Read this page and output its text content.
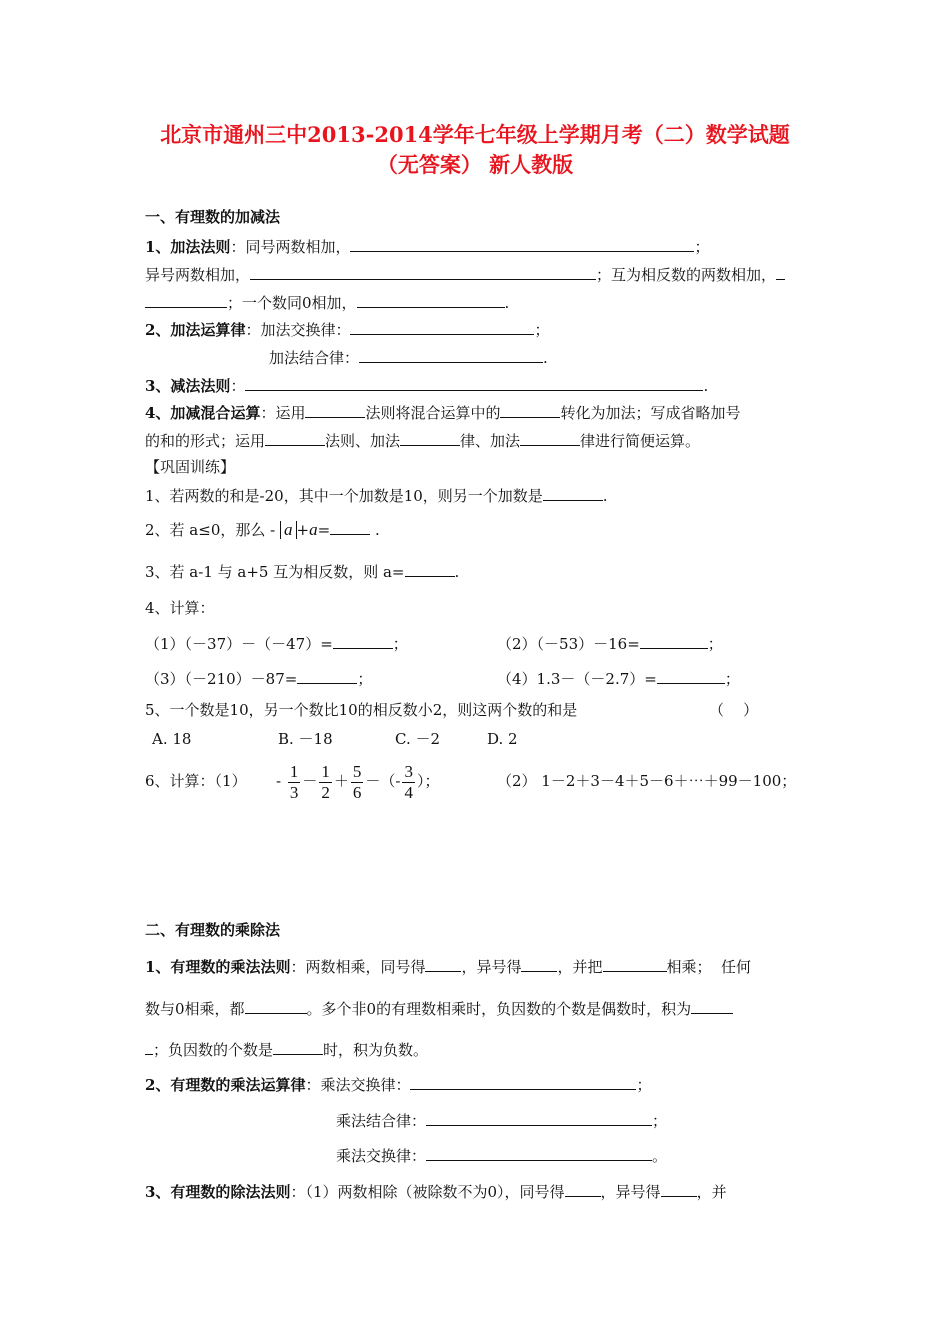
北京市通州三中2013-2014学年七年级上学期月考（二）数学试题
（无答案） 新人教版
一、有理数的加减法
1、加法法则：同号两数相加，	；
异号两数相加，	；互为相反数的两数相加，
；一个数同0相加，	.
2、加法运算律：加法交换律：	；
加法结合律：	.
3、减法法则：	.
4、加减混合运算：运用	法则将混合运算中的	转化为加法；写成省略加号
的和的形式；运用	法则、加法	律、加法	律进行简便运算。
【巩固训练】
1、若两数的和是-20，其中一个加数是10，则另一个加数是	.
2、若 a≤0，那么 - a +a=	.
3、若 a-1 与 a+5 互为相反数，则 a=	.
4、计算：
（1）（－37）－（－47）=	；	（2）（－53）－16=	；
（3）（－210）－87=	；	（4）1.3－（－2.7）=	；
5、一个数是10，另一个数比10的相反数小2，则这两个数的和是	（    ）
A. 18	B. －18	C. －2	D. 2
6、计算：$(1) - \frac{1}{3} - \frac{1}{2} + \frac{5}{6}$ －（- $\frac{3}{4}$ ）；	（2） 1－2＋3－4＋5－6＋⋯＋99－100；
二、有理数的乘除法
1、有理数的乘法法则：两数相乘，同号得 ，异号得 ，并把	相乘；  任何
数与0相乘，都	。多个非0的有理数相乘时，负因数的个数是偶数时，积为
；负因数的个数是	时，积为负数。
2、有理数的乘法运算律：乘法交换律：	；
乘法结合律：	；
乘法交换律：	。
3、有理数的除法法则：（1）两数相除（被除数不为0），同号得 ，异号得 ，并
